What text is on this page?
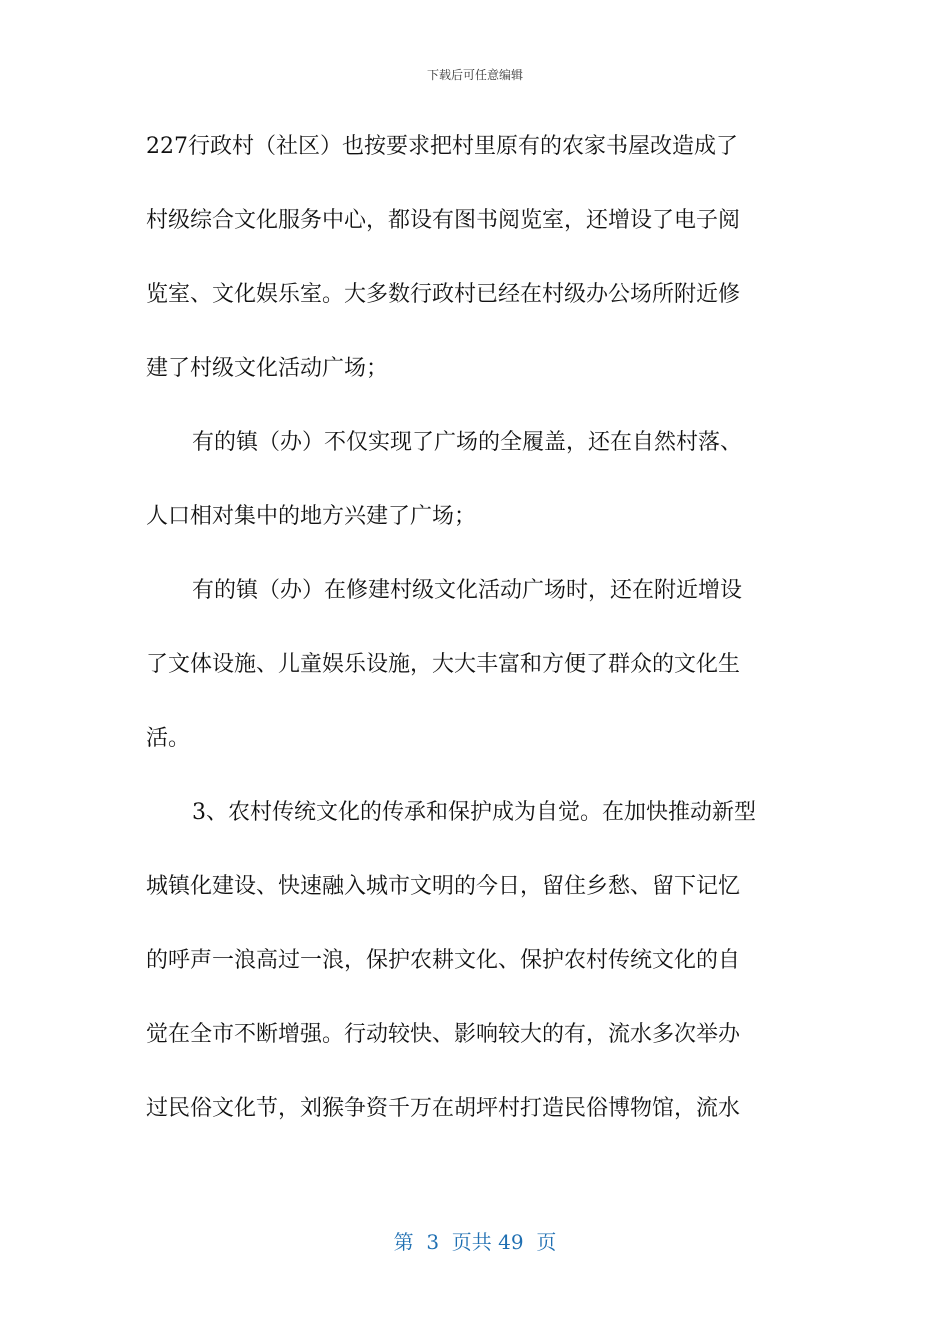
下载后可任意编辑
227行政村（社区）也按要求把村里原有的农家书屋改造成了
村级综合文化服务中心，都设有图书阅览室，还增设了电子阅
览室、文化娱乐室。大多数行政村已经在村级办公场所附近修
建了村级文化活动广场；
有的镇（办）不仅实现了广场的全履盖，还在自然村落、
人口相对集中的地方兴建了广场；
有的镇（办）在修建村级文化活动广场时，还在附近增设
了文体设施、儿童娱乐设施，大大丰富和方便了群众的文化生
活。
3、农村传统文化的传承和保护成为自觉。在加快推动新型
城镇化建设、快速融入城市文明的今日，留住乡愁、留下记忆
的呼声一浪高过一浪，保护农耕文化、保护农村传统文化的自
觉在全市不断增强。行动较快、影响较大的有，流水多次举办
过民俗文化节，刘猴争资千万在胡坪村打造民俗博物馆，流水
第  3  页共 49  页
